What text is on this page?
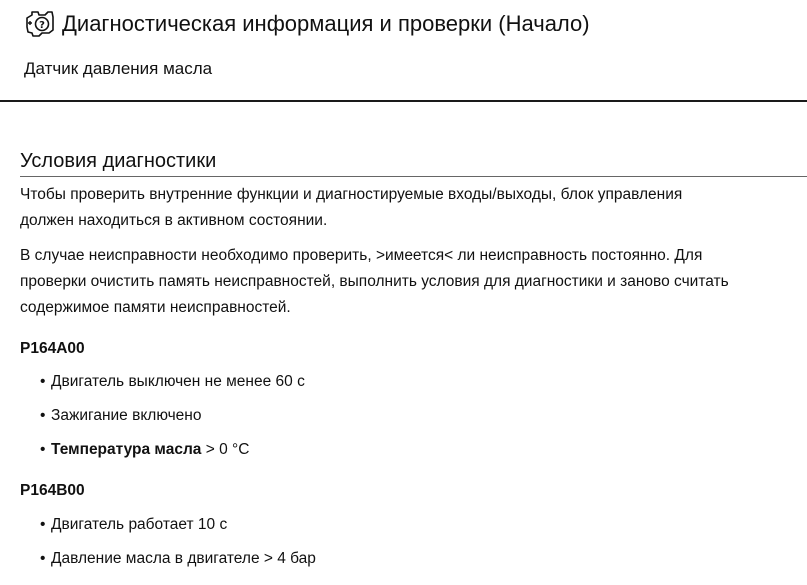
? Диагностическая информация и проверки (Начало)
Датчик давления масла
Условия диагностики
Чтобы проверить внутренние функции и диагностируемые входы/выходы, блок управления
должен находиться в активном состоянии.
В случае неисправности необходимо проверить, >имеется< ли неисправность постоянно. Для
проверки очистить память неисправностей, выполнить условия для диагностики и заново считать
содержимое памяти неисправностей.
P164A00
• Двигатель выключен не менее 60 с
• Зажигание включено
• Температура масла > 0 °C
P164B00
• Двигатель работает 10 с
• Давление масла в двигателе > 4 бар
